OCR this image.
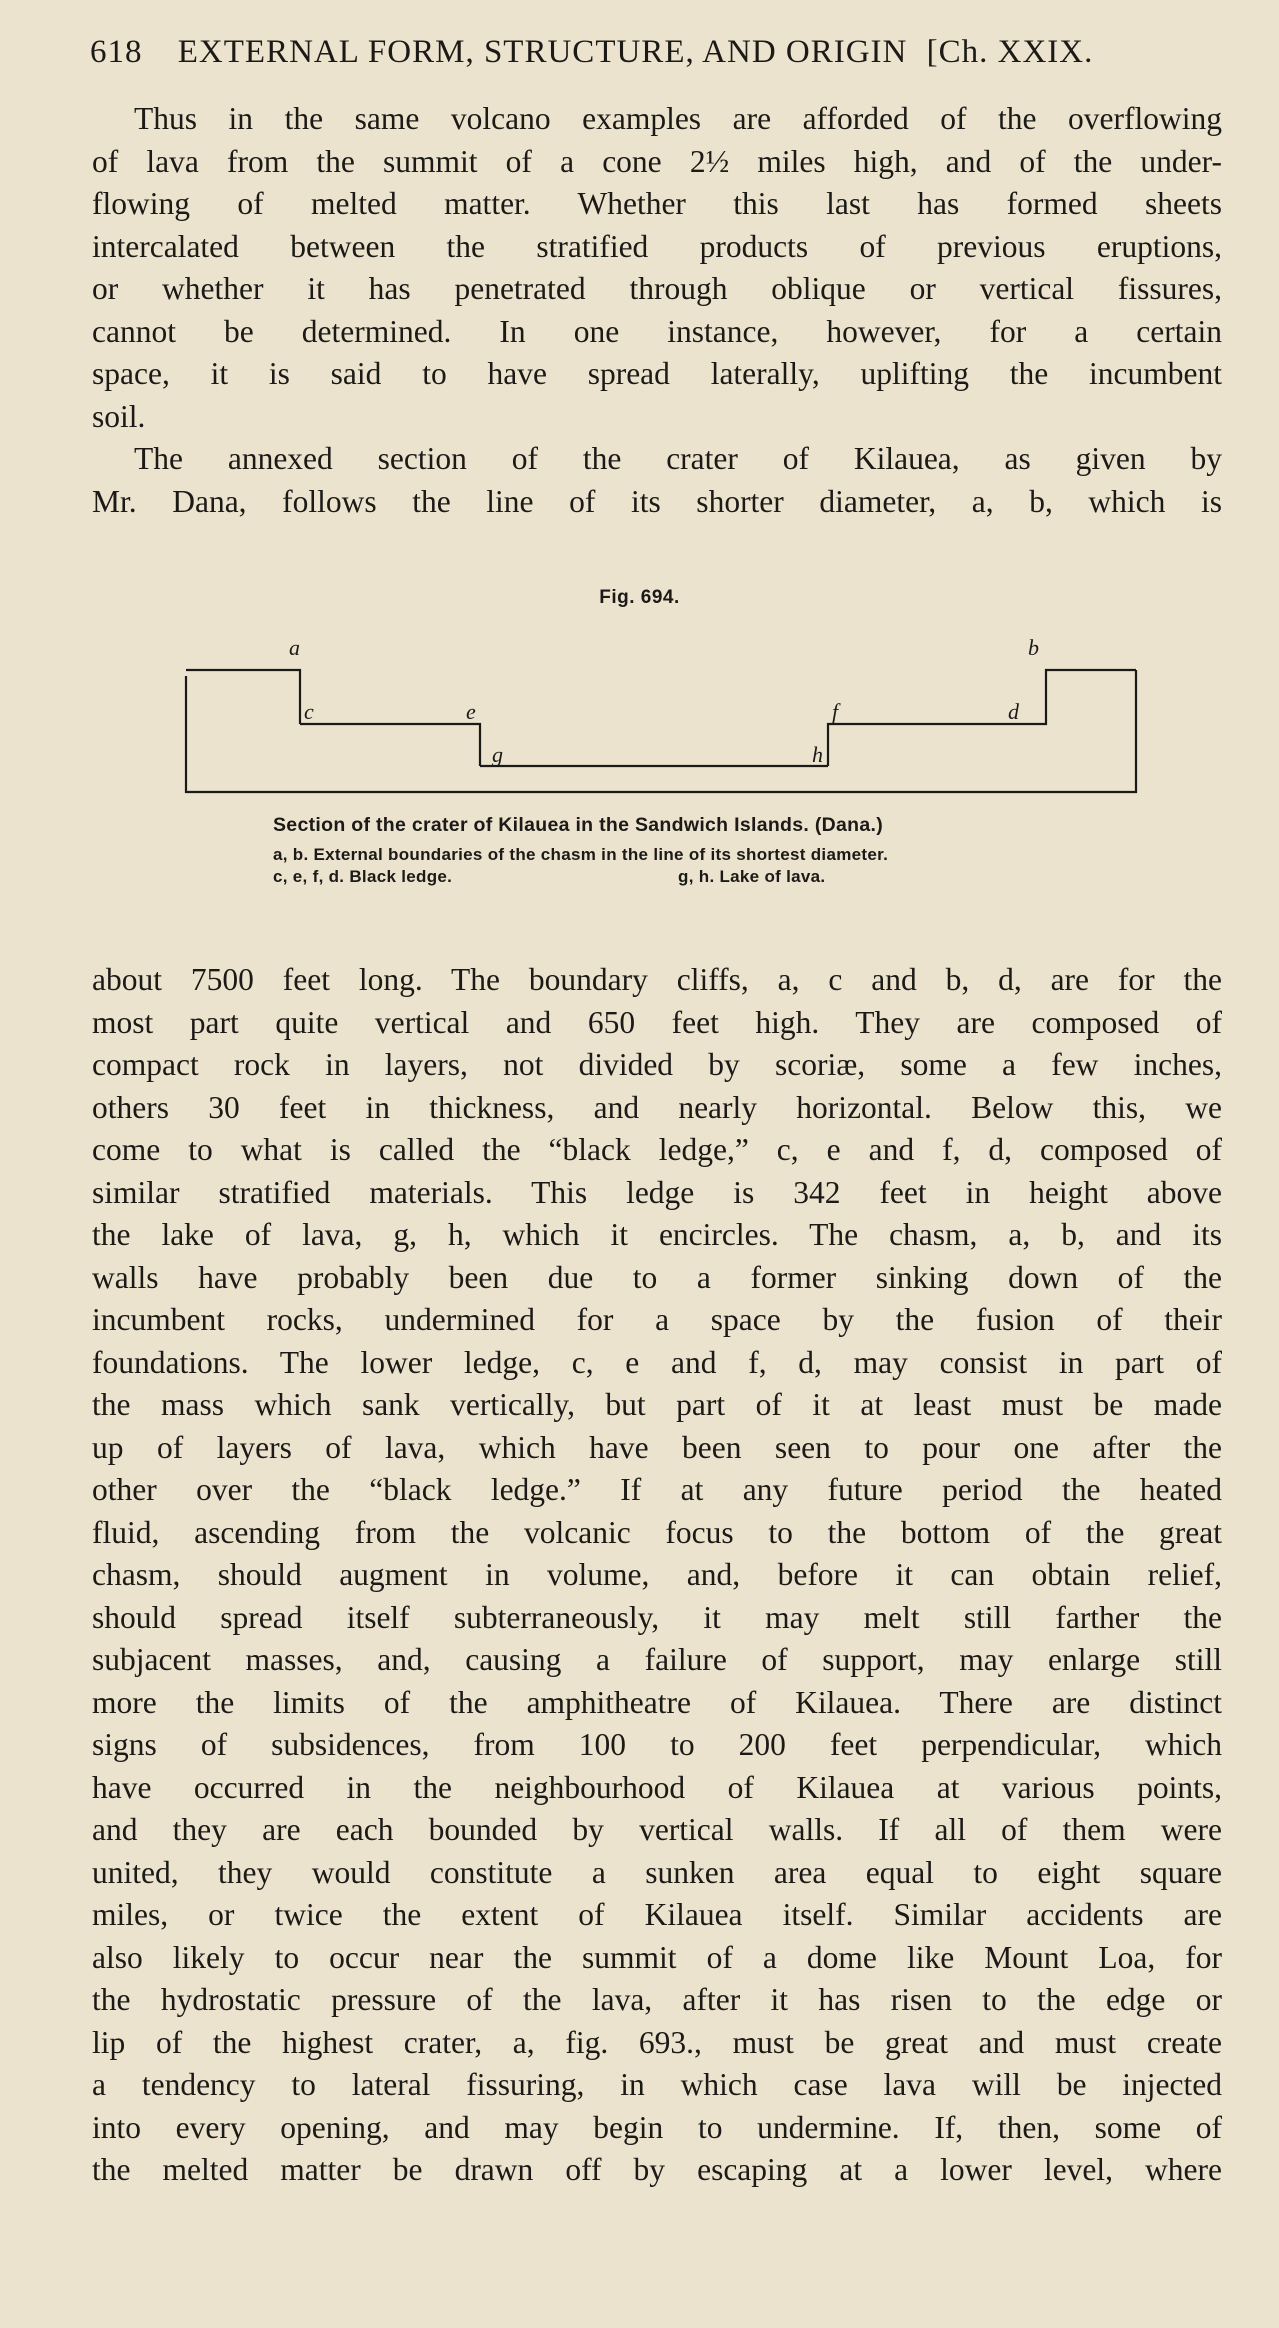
618 EXTERNAL FORM, STRUCTURE, AND ORIGIN [Ch. XXIX.
Thus in the same volcano examples are afforded of the overflowing
of lava from the summit of a cone 2½ miles high, and of the under-
flowing of melted matter. Whether this last has formed sheets
intercalated between the stratified products of previous eruptions,
or whether it has penetrated through oblique or vertical fissures,
cannot be determined. In one instance, however, for a certain
space, it is said to have spread laterally, uplifting the incumbent
soil.
The annexed section of the crater of Kilauea, as given by
Mr. Dana, follows the line of its shorter diameter, a, b, which is
Fig. 694.
a	b
c	e	f	d
g	h
Section of the crater of Kilauea in the Sandwich Islands. (Dana.)
a, b. External boundaries of the chasm in the line of its shortest diameter.
c, e, f, d. Black ledge.	g, h. Lake of lava.
about 7500 feet long. The boundary cliffs, a, c and b, d, are for the
most part quite vertical and 650 feet high. They are composed of
compact rock in layers, not divided by scoriæ, some a few inches,
others 30 feet in thickness, and nearly horizontal. Below this, we
come to what is called the “black ledge,” c, e and f, d, composed of
similar stratified materials. This ledge is 342 feet in height above
the lake of lava, g, h, which it encircles. The chasm, a, b, and its
walls have probably been due to a former sinking down of the
incumbent rocks, undermined for a space by the fusion of their
foundations. The lower ledge, c, e and f, d, may consist in part of
the mass which sank vertically, but part of it at least must be made
up of layers of lava, which have been seen to pour one after the
other over the “black ledge.” If at any future period the heated
fluid, ascending from the volcanic focus to the bottom of the great
chasm, should augment in volume, and, before it can obtain relief,
should spread itself subterraneously, it may melt still farther the
subjacent masses, and, causing a failure of support, may enlarge still
more the limits of the amphitheatre of Kilauea. There are distinct
signs of subsidences, from 100 to 200 feet perpendicular, which
have occurred in the neighbourhood of Kilauea at various points,
and they are each bounded by vertical walls. If all of them were
united, they would constitute a sunken area equal to eight square
miles, or twice the extent of Kilauea itself. Similar accidents are
also likely to occur near the summit of a dome like Mount Loa, for
the hydrostatic pressure of the lava, after it has risen to the edge or
lip of the highest crater, a, fig. 693., must be great and must create
a tendency to lateral fissuring, in which case lava will be injected
into every opening, and may begin to undermine. If, then, some of
the melted matter be drawn off by escaping at a lower level, where
